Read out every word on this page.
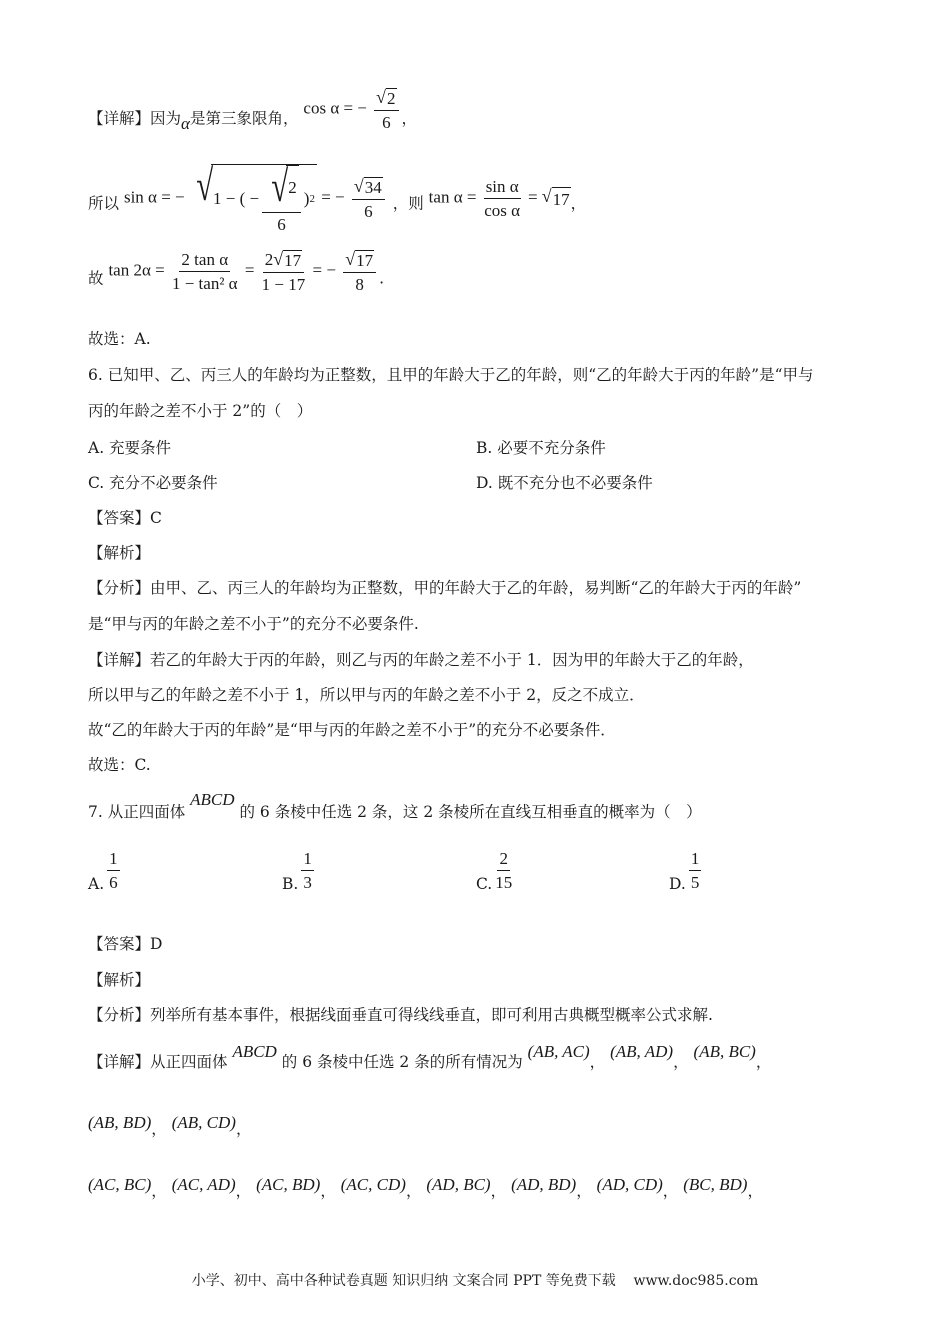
【详解】因为α是第三象限角， cos α = − $\frac{√ 2}{6}$ ，
所以 sin α = − √ 1 − ( − $\frac{√ 2}{6}$ ) 2 = − $\frac{√ 34}{6}$ ，则 $\tan \alpha = \frac{\text{sin α}}{\text{cos α}}$ = √ 17 ，
故 $\tan 2\alpha = \frac{\text{2 tan α}}{\text{1 − tan² α}} = \frac{2 √ 17}{1 - 17}$ = − $\frac{√ 17}{8}$ .
故选：A.
6. 已知甲、乙、丙三人的年龄均为正整数，且甲的年龄大于乙的年龄，则“乙的年龄大于丙的年龄”是“甲与
丙的年龄之差不小于 2”的（　）
A. 充要条件	B. 必要不充分条件
C. 充分不必要条件	D. 既不充分也不必要条件
【答案】C
【解析】
【分析】由甲、乙、丙三人的年龄均为正整数，甲的年龄大于乙的年龄，易判断“乙的年龄大于丙的年龄”
是“甲与丙的年龄之差不小于”的充分不必要条件.
【详解】若乙的年龄大于丙的年龄，则乙与丙的年龄之差不小于 1．因为甲的年龄大于乙的年龄，
所以甲与乙的年龄之差不小于 1，所以甲与丙的年龄之差不小于 2，反之不成立．
故“乙的年龄大于丙的年龄”是“甲与丙的年龄之差不小于”的充分不必要条件．
故选：C.
7. 从正四面体 ABCD 的 6 条棱中任选 2 条，这 2 条棱所在直线互相垂直的概率为（　）
A. $\frac{1}{6}$	B. $\frac{1}{3}$	C. $\frac{2}{15}$	D. $\frac{1}{5}$
【答案】D
【解析】
【分析】列举所有基本事件，根据线面垂直可得线线垂直，即可利用古典概型概率公式求解.
【详解】从正四面体 ABCD 的 6 条棱中任选 2 条的所有情况为 (AB, AC)， (AB, AD)， (AB, BC)，
(AB, BD)， (AB, CD)，
(AC, BC)， (AC, AD)， (AC, BD)， (AC, CD)， (AD, BC)， (AD, BD)， (AD, CD)， (BC, BD)，
小学、初中、高中各种试卷真题 知识归纳 文案合同 PPT 等免费下载 www.doc985.com
